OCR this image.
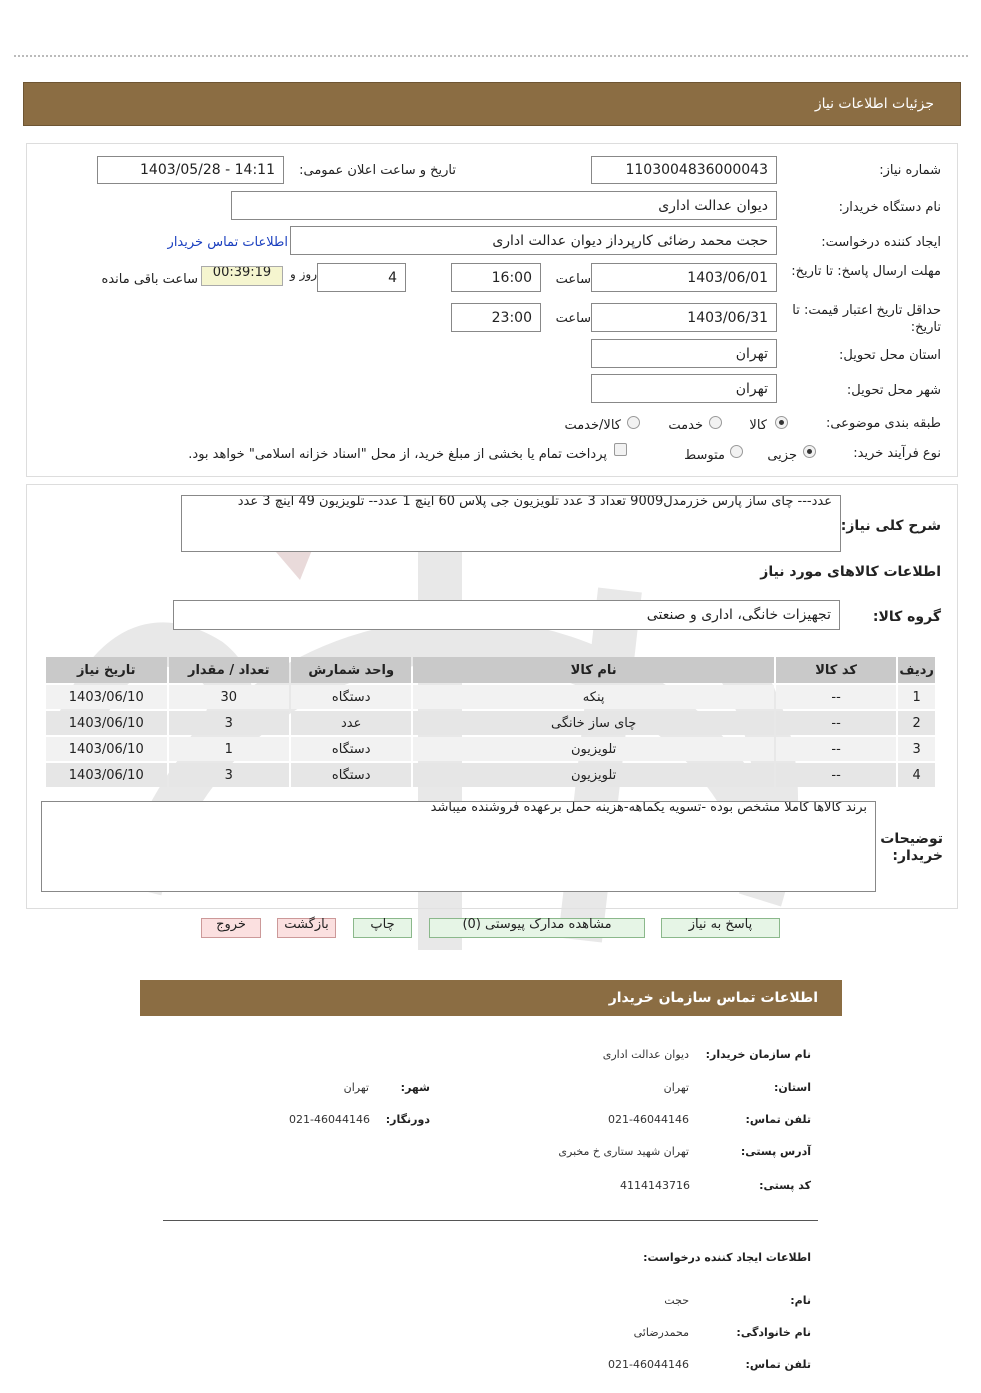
جزئیات اطلاعات نیاز
شماره نیاز:
1103004836000043
تاریخ و ساعت اعلان عمومی:
1403/05/28 - 14:11
نام دستگاه خریدار:
دیوان عدالت اداری
ایجاد کننده درخواست:
حجت محمد رضائی کارپرداز دیوان عدالت اداری
اطلاعات تماس خریدار
مهلت ارسال پاسخ: تا تاریخ:
1403/06/01
ساعت
16:00
4
روز و
00:39:19
ساعت باقی مانده
حداقل تاریخ اعتبار قیمت: تا تاریخ:
1403/06/31
ساعت
23:00
استان محل تحویل:
تهران
شهر محل تحویل:
تهران
طبقه بندی موضوعی:
کالا
خدمت
کالا/خدمت
نوع فرآیند خرید:
جزیی
متوسط
پرداخت تمام یا بخشی از مبلغ خرید، از محل "اسناد خزانه اسلامی" خواهد بود.
شرح کلی نیاز:
عدد--- چای ساز پارس خزرمدل9009 تعداد 3 عدد تلویزیون جی پلاس 60 اینچ 1 عدد-- تلویزیون 49 اینچ 3 عدد
اطلاعات کالاهای مورد نیاز
گروه کالا:
تجهیزات خانگی، اداری و صنعتی
ردیف	کد کالا	نام کالا	واحد شمارش	تعداد / مقدار	تاریخ نیاز
1	--	پنکه	دستگاه	30	1403/06/10
2	--	چای ساز خانگی	عدد	3	1403/06/10
3	--	تلویزیون	دستگاه	1	1403/06/10
4	--	تلویزیون	دستگاه	3	1403/06/10
توضیحات خریدار:
برند کالاها کاملا مشخص بوده -تسویه یکماهه-هزینه حمل برعهده فروشنده میباشد
پاسخ به نیاز
مشاهده مدارک پیوستی (0)
چاپ
بازگشت
خروج
اطلاعات تماس سازمان خریدار
نام سازمان خریدار:
دیوان عدالت اداری
استان:
تهران
شهر:
تهران
تلفن تماس:
021-46044146
دورنگار:
021-46044146
آدرس پستی:
تهران شهید ستاری خ مخبری
کد پستی:
4114143716
اطلاعات ایجاد کننده درخواست:
نام:
حجت
نام خانوادگی:
محمدرضائی
تلفن تماس:
021-46044146
